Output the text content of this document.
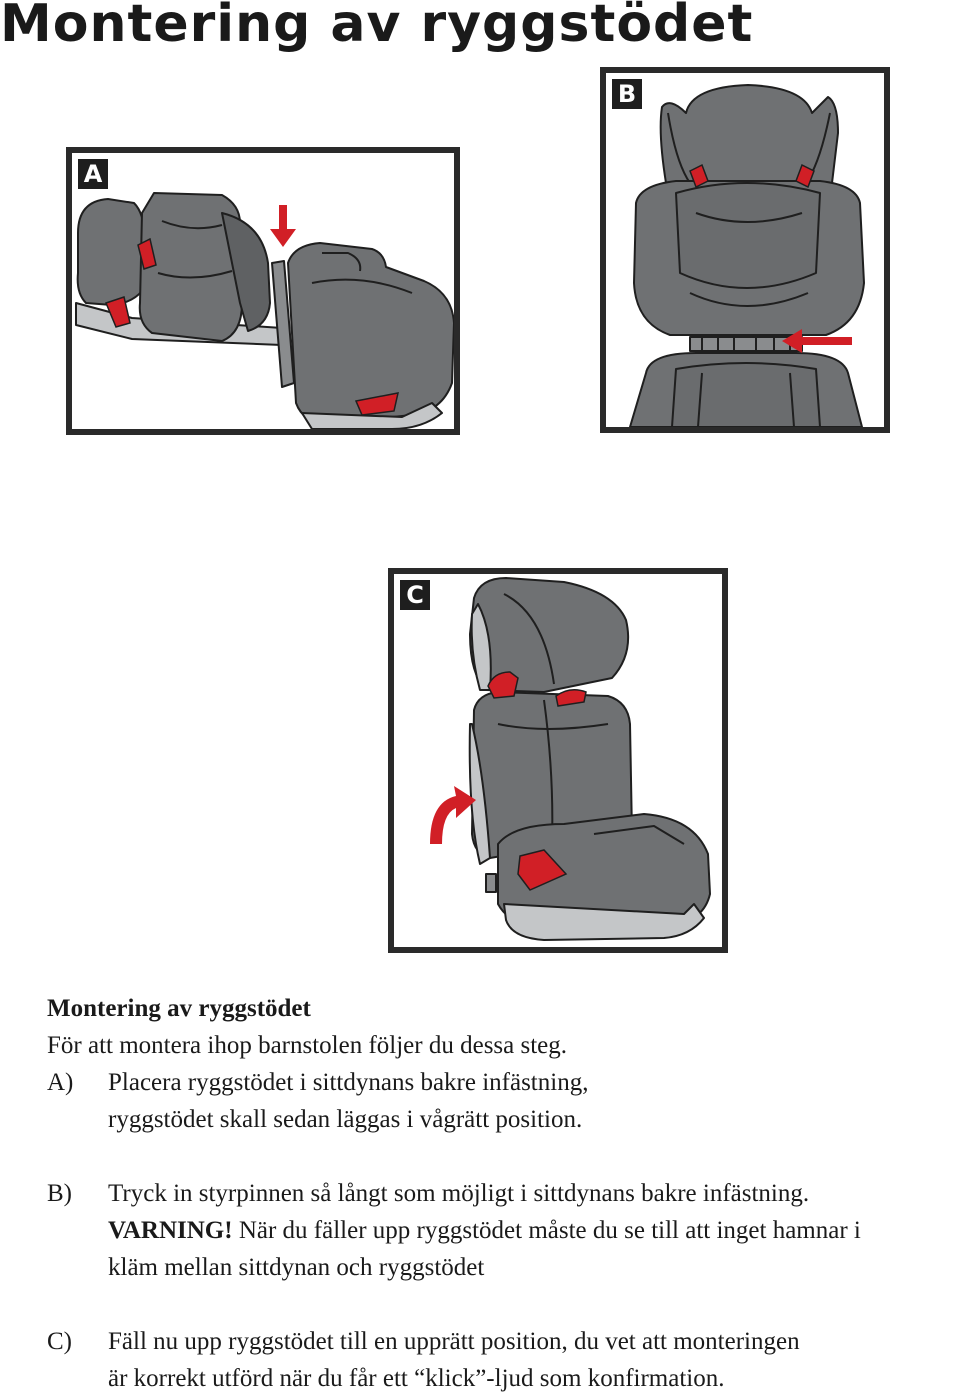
Montering av ryggstödet
A
B
C

Montering av ryggstödet

För att montera ihop barnstolen följer du dessa steg.

A)	Placera ryggstödet i sittdynans bakre infästning,

ryggstödet skall sedan läggas i vågrätt position.

B)	Tryck in styrpinnen så långt som möjligt i sittdynans bakre infästning.

VARNING! När du fäller upp ryggstödet måste du se till att inget hamnar i

kläm mellan sittdynan och ryggstödet

C)	Fäll nu upp ryggstödet till en upprätt position, du vet att monteringen

är korrekt utförd när du får ett “klick”-ljud som konfirmation.
